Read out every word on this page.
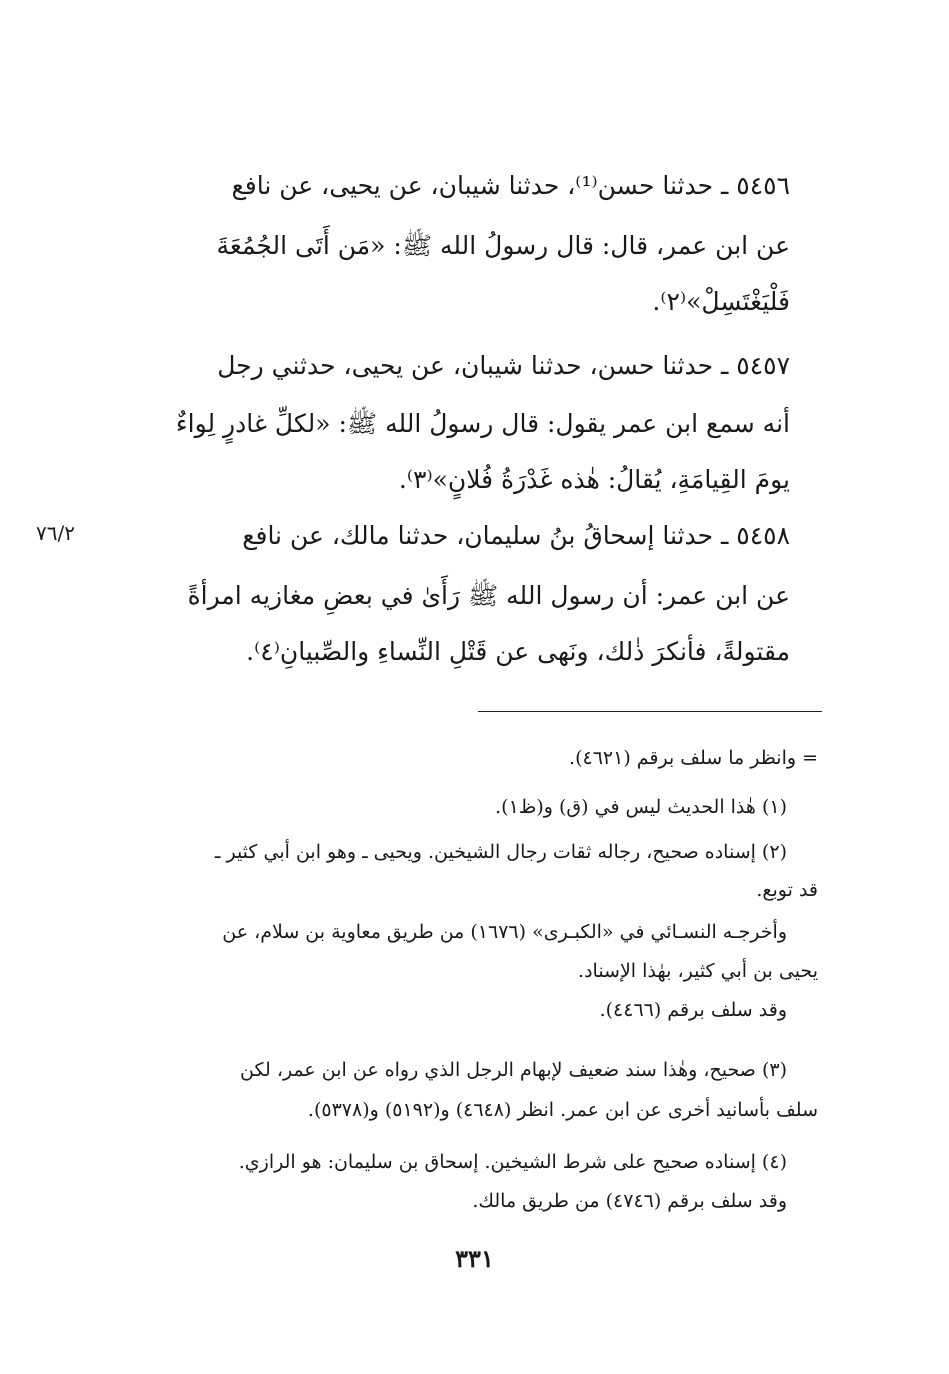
٥٤٥٦ ـ حدثنا حسن⁽¹⁾، حدثنا شيبان، عن يحيى، عن نافع
عن ابن عمر، قال: قال رسولُ الله ﷺ: «مَن أَتَى الجُمُعَةَ
فَلْيَغْتَسِلْ»⁽٢⁾.
٥٤٥٧ ـ حدثنا حسن، حدثنا شيبان، عن يحيى، حدثني رجل
أنه سمع ابن عمر يقول: قال رسولُ الله ﷺ: «لكلِّ غادرٍ لِواءٌ
يومَ القِيامَةِ، يُقالُ: هٰذه غَدْرَةُ فُلانٍ»⁽٣⁾.
٧٦/٢	٥٤٥٨ ـ حدثنا إسحاقُ بنُ سليمان، حدثنا مالك، عن نافع
عن ابن عمر: أن رسول الله ﷺ رَأَىٰ في بعضِ مغازيه امرأةً
مقتولةً، فأنكرَ ذٰلك، ونَهى عن قَتْلِ النِّساءِ والصِّبيانِ⁽٤⁾.
= وانظر ما سلف برقم (٤٦٢١).
(١) هٰذا الحديث ليس في (ق) و(ظ١).
(٢) إسناده صحيح، رجاله ثقات رجال الشيخين. ويحيى ـ وهو ابن أبي كثير ـ
قد توبع.
وأخرجـه النسـائي في «الكبـرى» (١٦٧٦) من طريق معاوية بن سلام، عن
يحيى بن أبي كثير، بهٰذا الإسناد.
وقد سلف برقم (٤٤٦٦).
(٣) صحيح، وهٰذا سند ضعيف لإبهام الرجل الذي رواه عن ابن عمر، لكن
سلف بأسانيد أخرى عن ابن عمر. انظر (٤٦٤٨) و(٥١٩٢) و(٥٣٧٨).
(٤) إسناده صحيح على شرط الشيخين. إسحاق بن سليمان: هو الرازي.
وقد سلف برقم (٤٧٤٦) من طريق مالك.
٣٣١
